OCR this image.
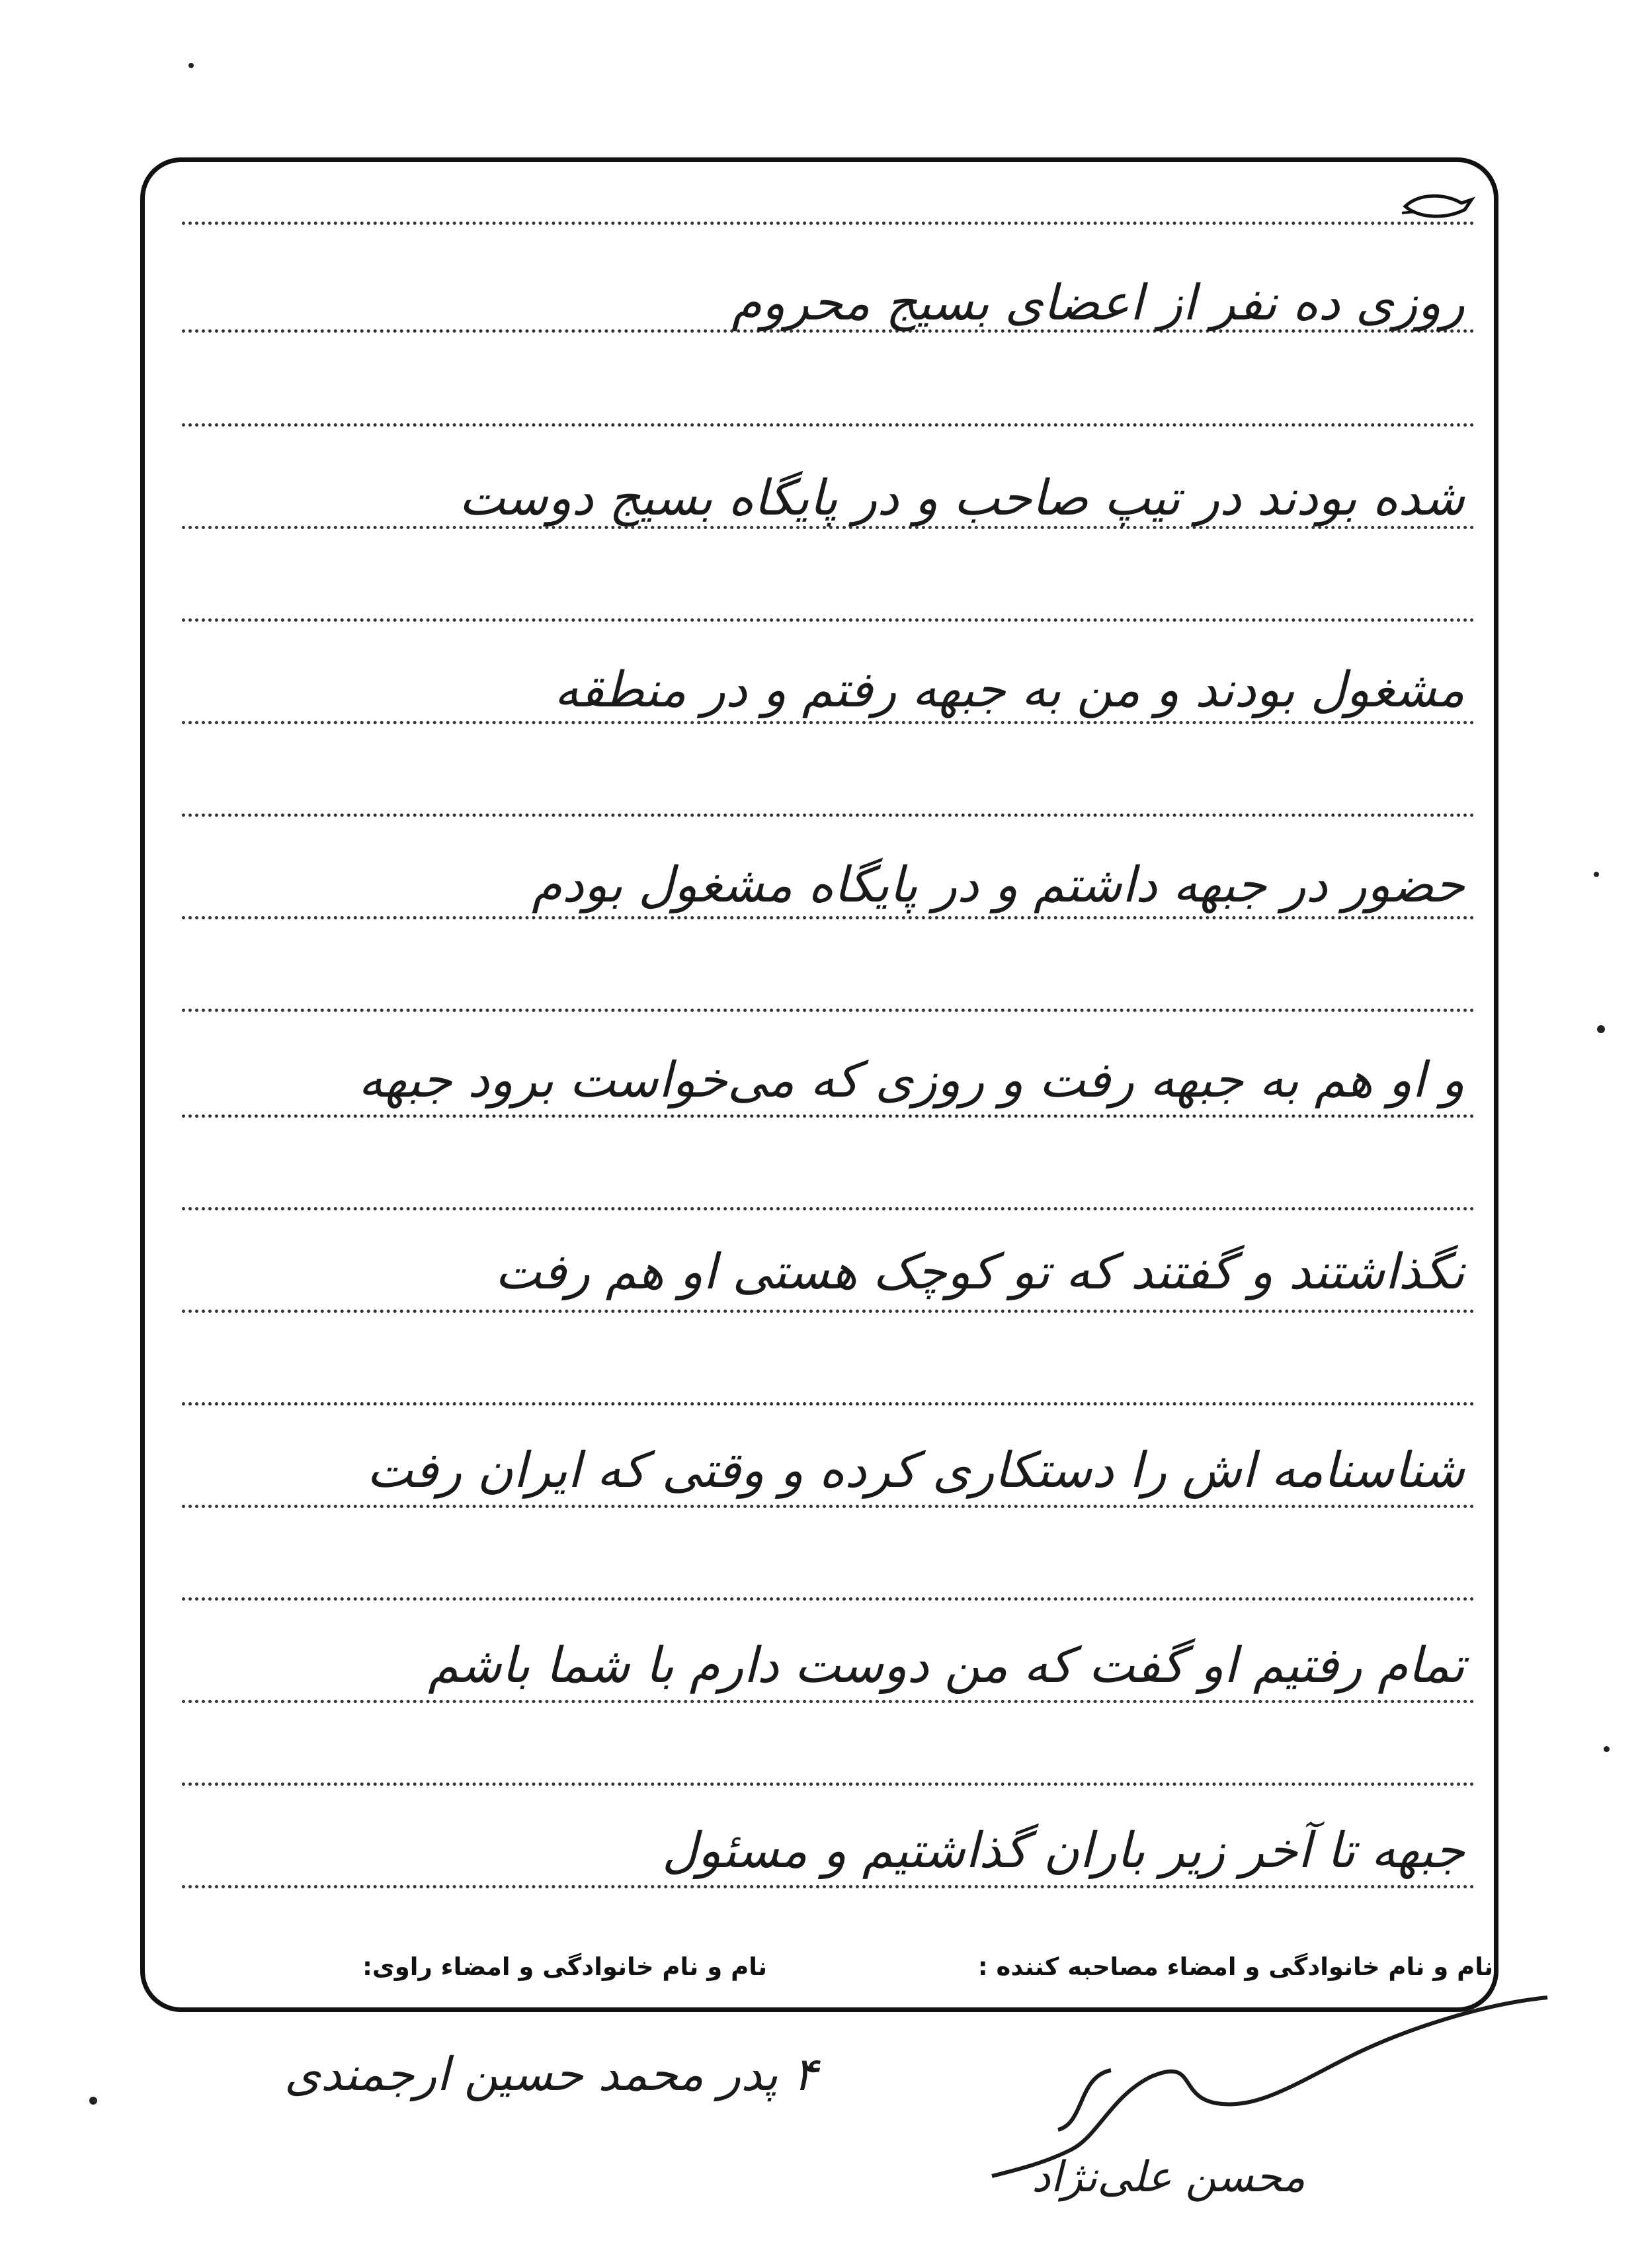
روزی ده نفر از اعضای بسیج محروم
شده بودند در تیپ صاحب و در پایگاه بسیج دوست
مشغول بودند و من به جبهه رفتم و در منطقه
حضور در جبهه داشتم و در پایگاه مشغول بودم
و او هم به جبهه رفت و روزی که می‌خواست برود جبهه
نگذاشتند و گفتند که تو کوچک هستی او هم رفت
شناسنامه اش را دستکاری کرده و وقتی که ایران رفت
تمام رفتیم او گفت که من دوست دارم با شما باشم
جبهه تا آخر زیر باران گذاشتیم و مسئول
نام و نام خانوادگی و امضاء مصاحبه کننده :
نام و نام خانوادگی و امضاء راوی:
۴ پدر محمد حسین ارجمندی
محسن علی‌نژاد
